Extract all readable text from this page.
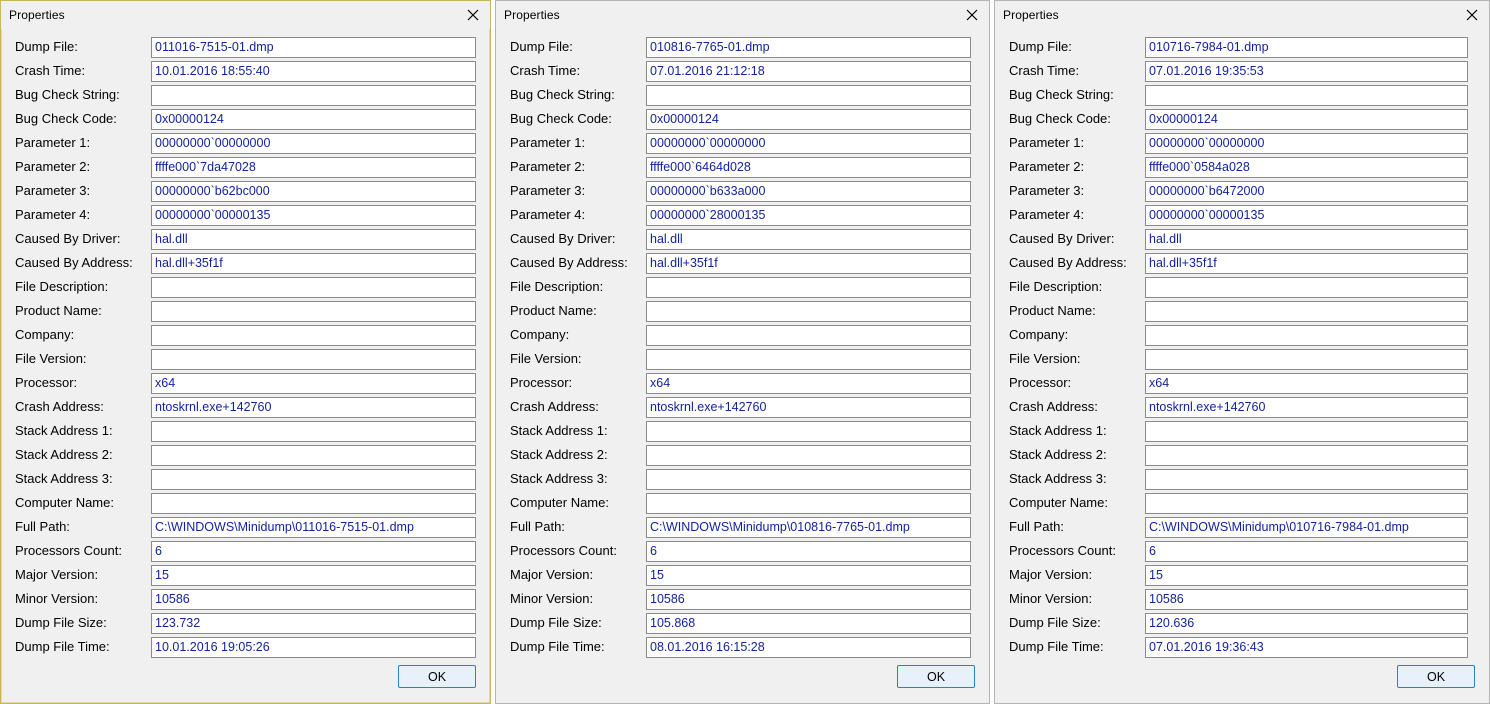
Properties
Dump File:	011016-7515-01.dmp
Crash Time:	10.01.2016 18:55:40
Bug Check String:
Bug Check Code:	0x00000124
Parameter 1:	00000000`00000000
Parameter 2:	ffffe000`7da47028
Parameter 3:	00000000`b62bc000
Parameter 4:	00000000`00000135
Caused By Driver:	hal.dll
Caused By Address:	hal.dll+35f1f
File Description:
Product Name:
Company:
File Version:
Processor:	x64
Crash Address:	ntoskrnl.exe+142760
Stack Address 1:
Stack Address 2:
Stack Address 3:
Computer Name:
Full Path:	C:\WINDOWS\Minidump\011016-7515-01.dmp
Processors Count:	6
Major Version:	15
Minor Version:	10586
Dump File Size:	123.732
Dump File Time:	10.01.2016 19:05:26
OK
Properties
Dump File:	010816-7765-01.dmp
Crash Time:	07.01.2016 21:12:18
Bug Check String:
Bug Check Code:	0x00000124
Parameter 1:	00000000`00000000
Parameter 2:	ffffe000`6464d028
Parameter 3:	00000000`b633a000
Parameter 4:	00000000`28000135
Caused By Driver:	hal.dll
Caused By Address:	hal.dll+35f1f
File Description:
Product Name:
Company:
File Version:
Processor:	x64
Crash Address:	ntoskrnl.exe+142760
Stack Address 1:
Stack Address 2:
Stack Address 3:
Computer Name:
Full Path:	C:\WINDOWS\Minidump\010816-7765-01.dmp
Processors Count:	6
Major Version:	15
Minor Version:	10586
Dump File Size:	105.868
Dump File Time:	08.01.2016 16:15:28
OK
Properties
Dump File:	010716-7984-01.dmp
Crash Time:	07.01.2016 19:35:53
Bug Check String:
Bug Check Code:	0x00000124
Parameter 1:	00000000`00000000
Parameter 2:	ffffe000`0584a028
Parameter 3:	00000000`b6472000
Parameter 4:	00000000`00000135
Caused By Driver:	hal.dll
Caused By Address:	hal.dll+35f1f
File Description:
Product Name:
Company:
File Version:
Processor:	x64
Crash Address:	ntoskrnl.exe+142760
Stack Address 1:
Stack Address 2:
Stack Address 3:
Computer Name:
Full Path:	C:\WINDOWS\Minidump\010716-7984-01.dmp
Processors Count:	6
Major Version:	15
Minor Version:	10586
Dump File Size:	120.636
Dump File Time:	07.01.2016 19:36:43
OK
